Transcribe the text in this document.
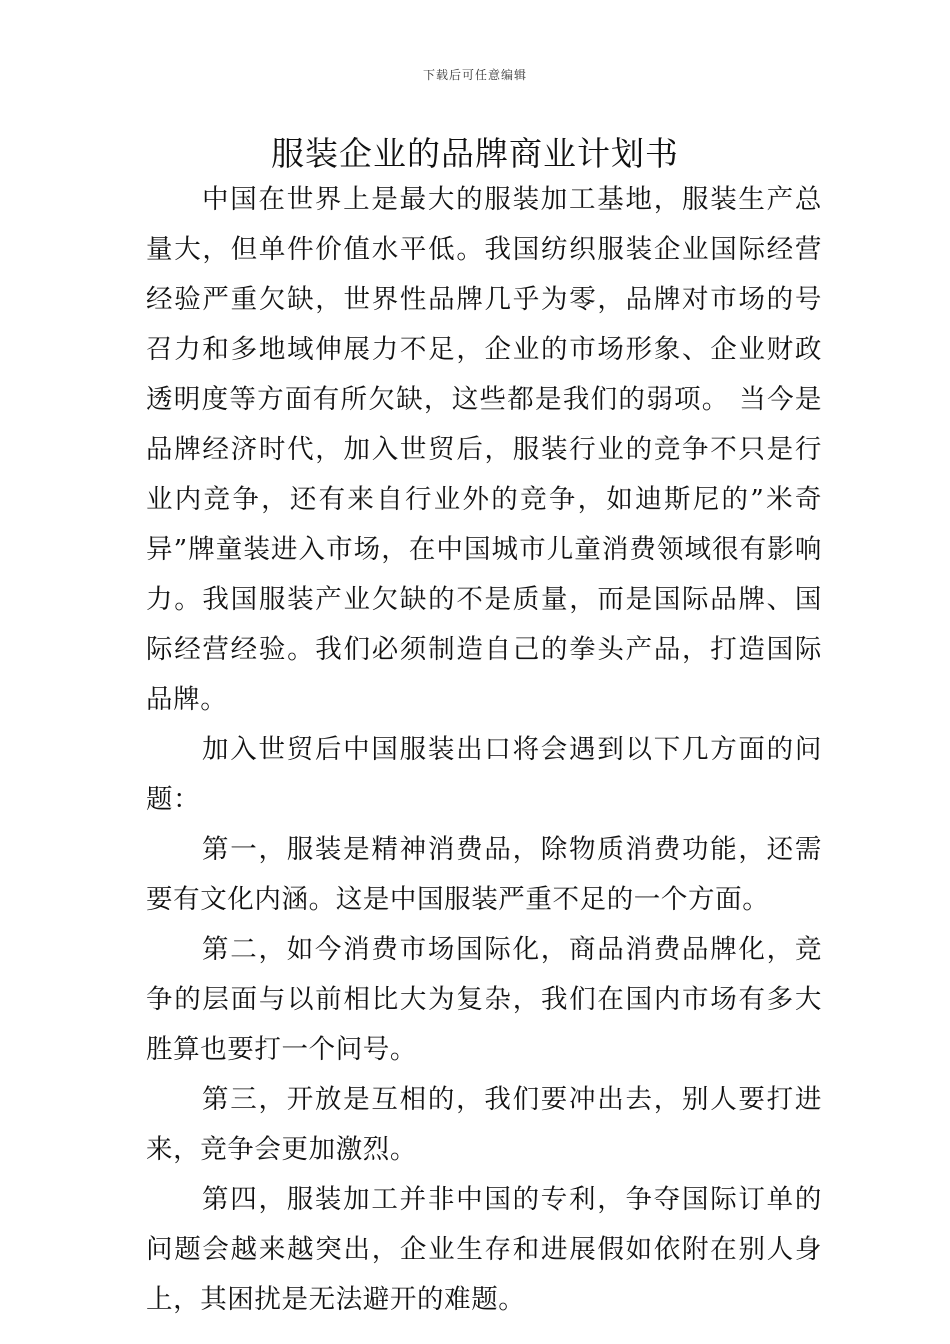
下载后可任意编辑
服装企业的品牌商业计划书

中国在世界上是最大的服装加工基地，服装生产总量大，但单件价值水平低。我国纺织服装企业国际经营经验严重欠缺，世界性品牌几乎为零，品牌对市场的号召力和多地域伸展力不足，企业的市场形象、企业财政透明度等方面有所欠缺，这些都是我们的弱项。 当今是品牌经济时代，加入世贸后，服装行业的竞争不只是行业内竞争，还有来自行业外的竞争，如迪斯尼的”米奇异”牌童装进入市场，在中国城市儿童消费领域很有影响力。我国服装产业欠缺的不是质量，而是国际品牌、国际经营经验。我们必须制造自己的拳头产品，打造国际品牌。

加入世贸后中国服装出口将会遇到以下几方面的问题：

第一，服装是精神消费品，除物质消费功能，还需要有文化内涵。这是中国服装严重不足的一个方面。

第二，如今消费市场国际化，商品消费品牌化，竞争的层面与以前相比大为复杂，我们在国内市场有多大胜算也要打一个问号。

第三，开放是互相的，我们要冲出去，别人要打进来，竞争会更加激烈。

第四，服装加工并非中国的专利，争夺国际订单的问题会越来越突出，企业生存和进展假如依附在别人身上，其困扰是无法避开的难题。
